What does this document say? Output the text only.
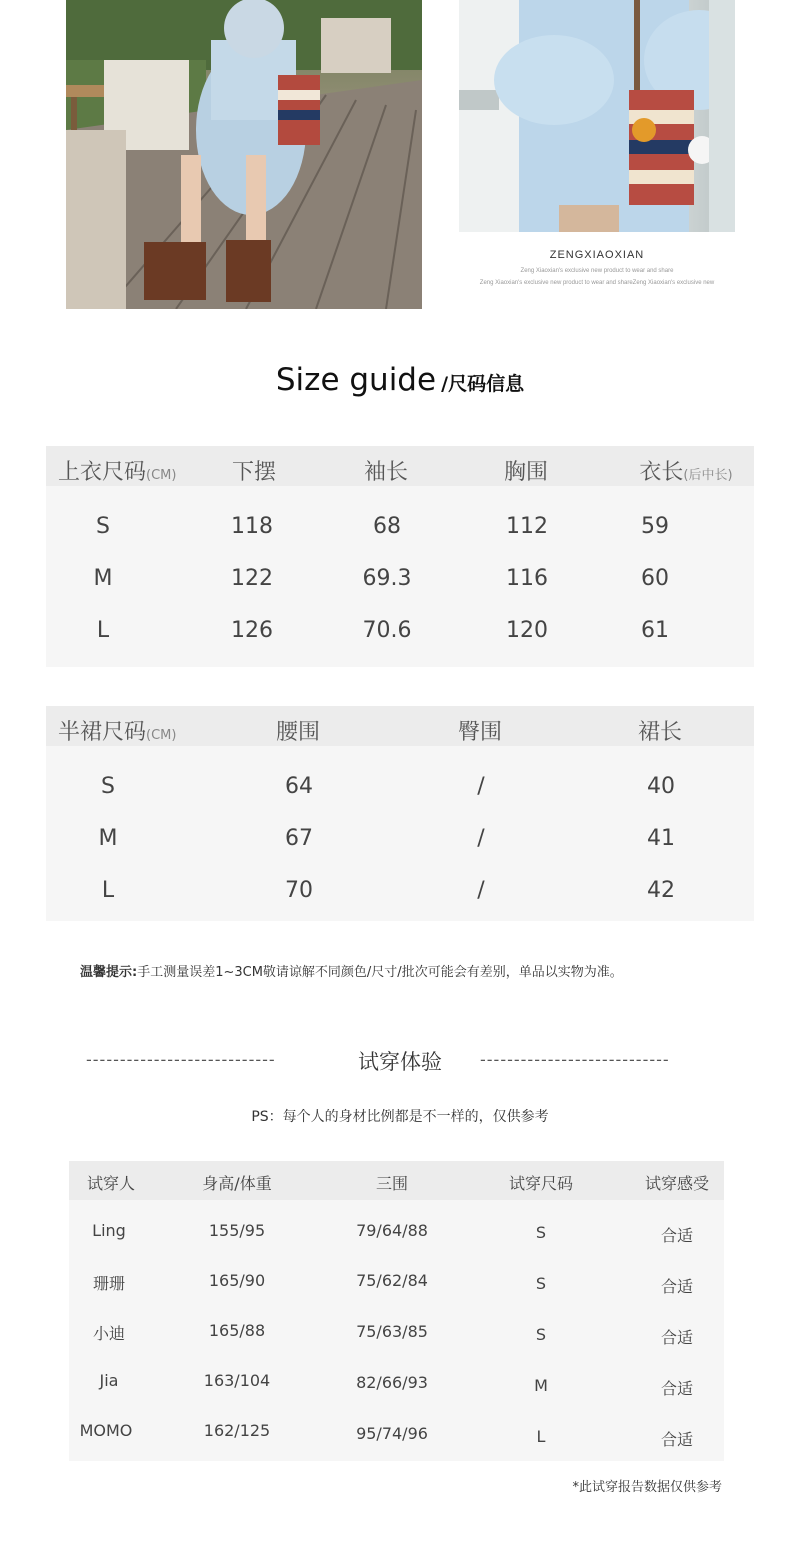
ZENGXIAOXIAN
Zeng Xiaoxian's exclusive new product to wear and share
Zeng Xiaoxian's exclusive new product to wear and shareZeng Xiaoxian's exclusive new
Size guide /尺码信息
上衣尺码(CM)	下摆	袖长	胸围	衣长(后中长)
S	118	68	112	59
M	122	69.3	116	60
L	126	70.6	120	61
半裙尺码(CM)	腰围	臀围	裙长
S	64	/	40
M	67	/	41
L	70	/	42
温馨提示:手工测量误差1~3CM敬请谅解不同颜色/尺寸/批次可能会有差别，单品以实物为准。
----------------------------	试穿体验	----------------------------
PS：每个人的身材比例都是不一样的，仅供参考
试穿人	身高/体重	三围	试穿尺码	试穿感受
Ling	155/95	79/64/88	S	合适
珊珊	165/90	75/62/84	S	合适
小迪	165/88	75/63/85	S	合适
Jia	163/104	82/66/93	M	合适
MOMO	162/125	95/74/96	L	合适
*此试穿报告数据仅供参考
